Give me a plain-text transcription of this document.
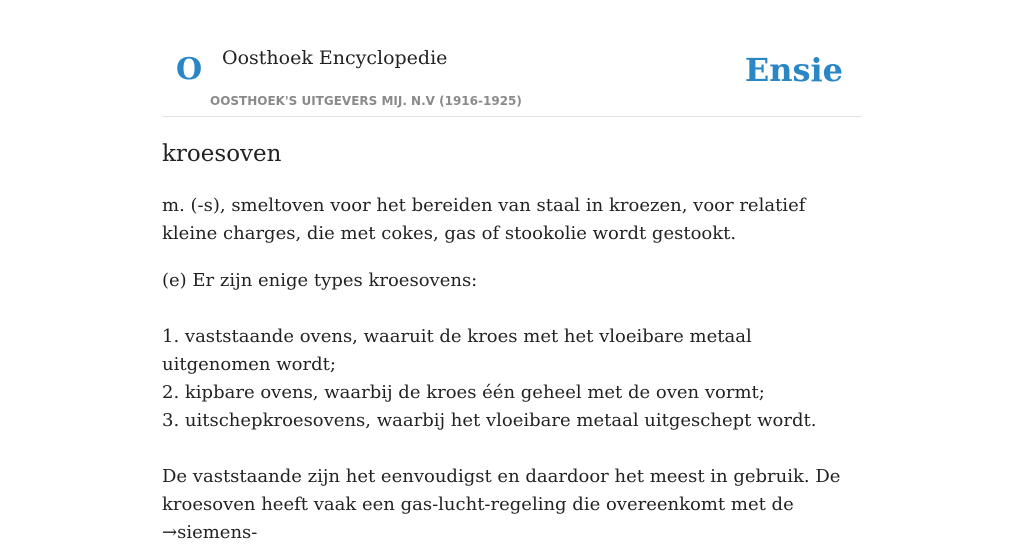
O Oosthoek Encyclopedie
OOSTHOEK'S UITGEVERS MIJ. N.V (1916-1925)
Ensie
kroesoven

m. (-s), smeltoven voor het bereiden van staal in kroezen, voor relatief kleine charges, die met cokes, gas of stookolie wordt gestookt.

(e) Er zijn enige types kroesovens:

1. vaststaande ovens, waaruit de kroes met het vloeibare metaal uitgenomen wordt;
2. kipbare ovens, waarbij de kroes één geheel met de oven vormt;
3. uitschepkroesovens, waarbij het vloeibare metaal uitgeschept wordt.

De vaststaande zijn het eenvoudigst en daardoor het meest in gebruik. De kroesoven heeft vaak een gas-lucht-regeling die overeenkomt met de →siemens-
